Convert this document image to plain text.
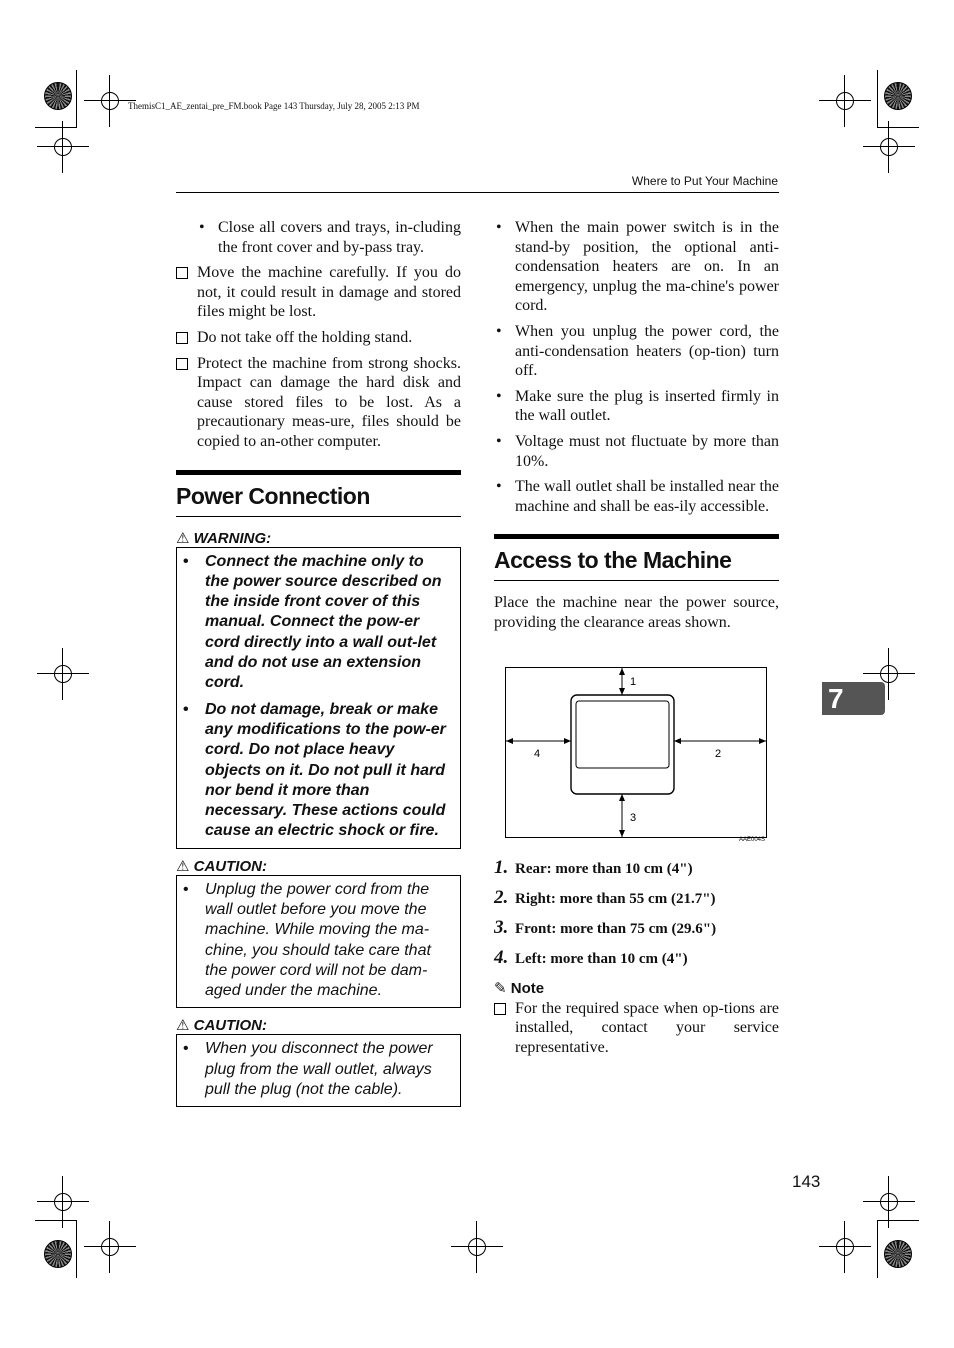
ThemisC1_AE_zentai_pre_FM.book Page 143 Thursday, July 28, 2005 2:13 PM
Where to Put Your Machine

• Close all covers and trays, in-cluding the front cover and by-pass tray.

Move the machine carefully. If you do not, it could result in damage and stored files might be lost.

Do not take off the holding stand.

Protect the machine from strong shocks. Impact can damage the hard disk and cause stored files to be lost. As a precautionary meas-ure, files should be copied to an-other computer.

Power Connection

⚠ WARNING:

• Connect the machine only to the power source described on the inside front cover of this manual. Connect the pow-er cord directly into a wall out-let and do not use an extension cord.
• Do not damage, break or make any modifications to the pow-er cord. Do not place heavy objects on it. Do not pull it hard nor bend it more than necessary. These actions could cause an electric shock or fire.

⚠ CAUTION:

• Unplug the power cord from the wall outlet before you move the machine. While moving the ma-chine, you should take care that the power cord will not be dam-aged under the machine.

⚠ CAUTION:

• When you disconnect the power plug from the wall outlet, always pull the plug (not the cable).

• When the main power switch is in the stand-by position, the optional anti-condensation heaters are on. In an emergency, unplug the ma-chine's power cord.

• When you unplug the power cord, the anti-condensation heaters (op-tion) turn off.

• Make sure the plug is inserted firmly in the wall outlet.

• Voltage must not fluctuate by more than 10%.

• The wall outlet shall be installed near the machine and shall be eas-ily accessible.

Access to the Machine

Place the machine near the power source, providing the clearance areas shown.

1
2
3
4
AAE004S

1. Rear: more than 10 cm (4")

2. Right: more than 55 cm (21.7")

3. Front: more than 75 cm (29.6")

4. Left: more than 10 cm (4")

✎ Note

For the required space when op-tions are installed, contact your service representative.

7
143
